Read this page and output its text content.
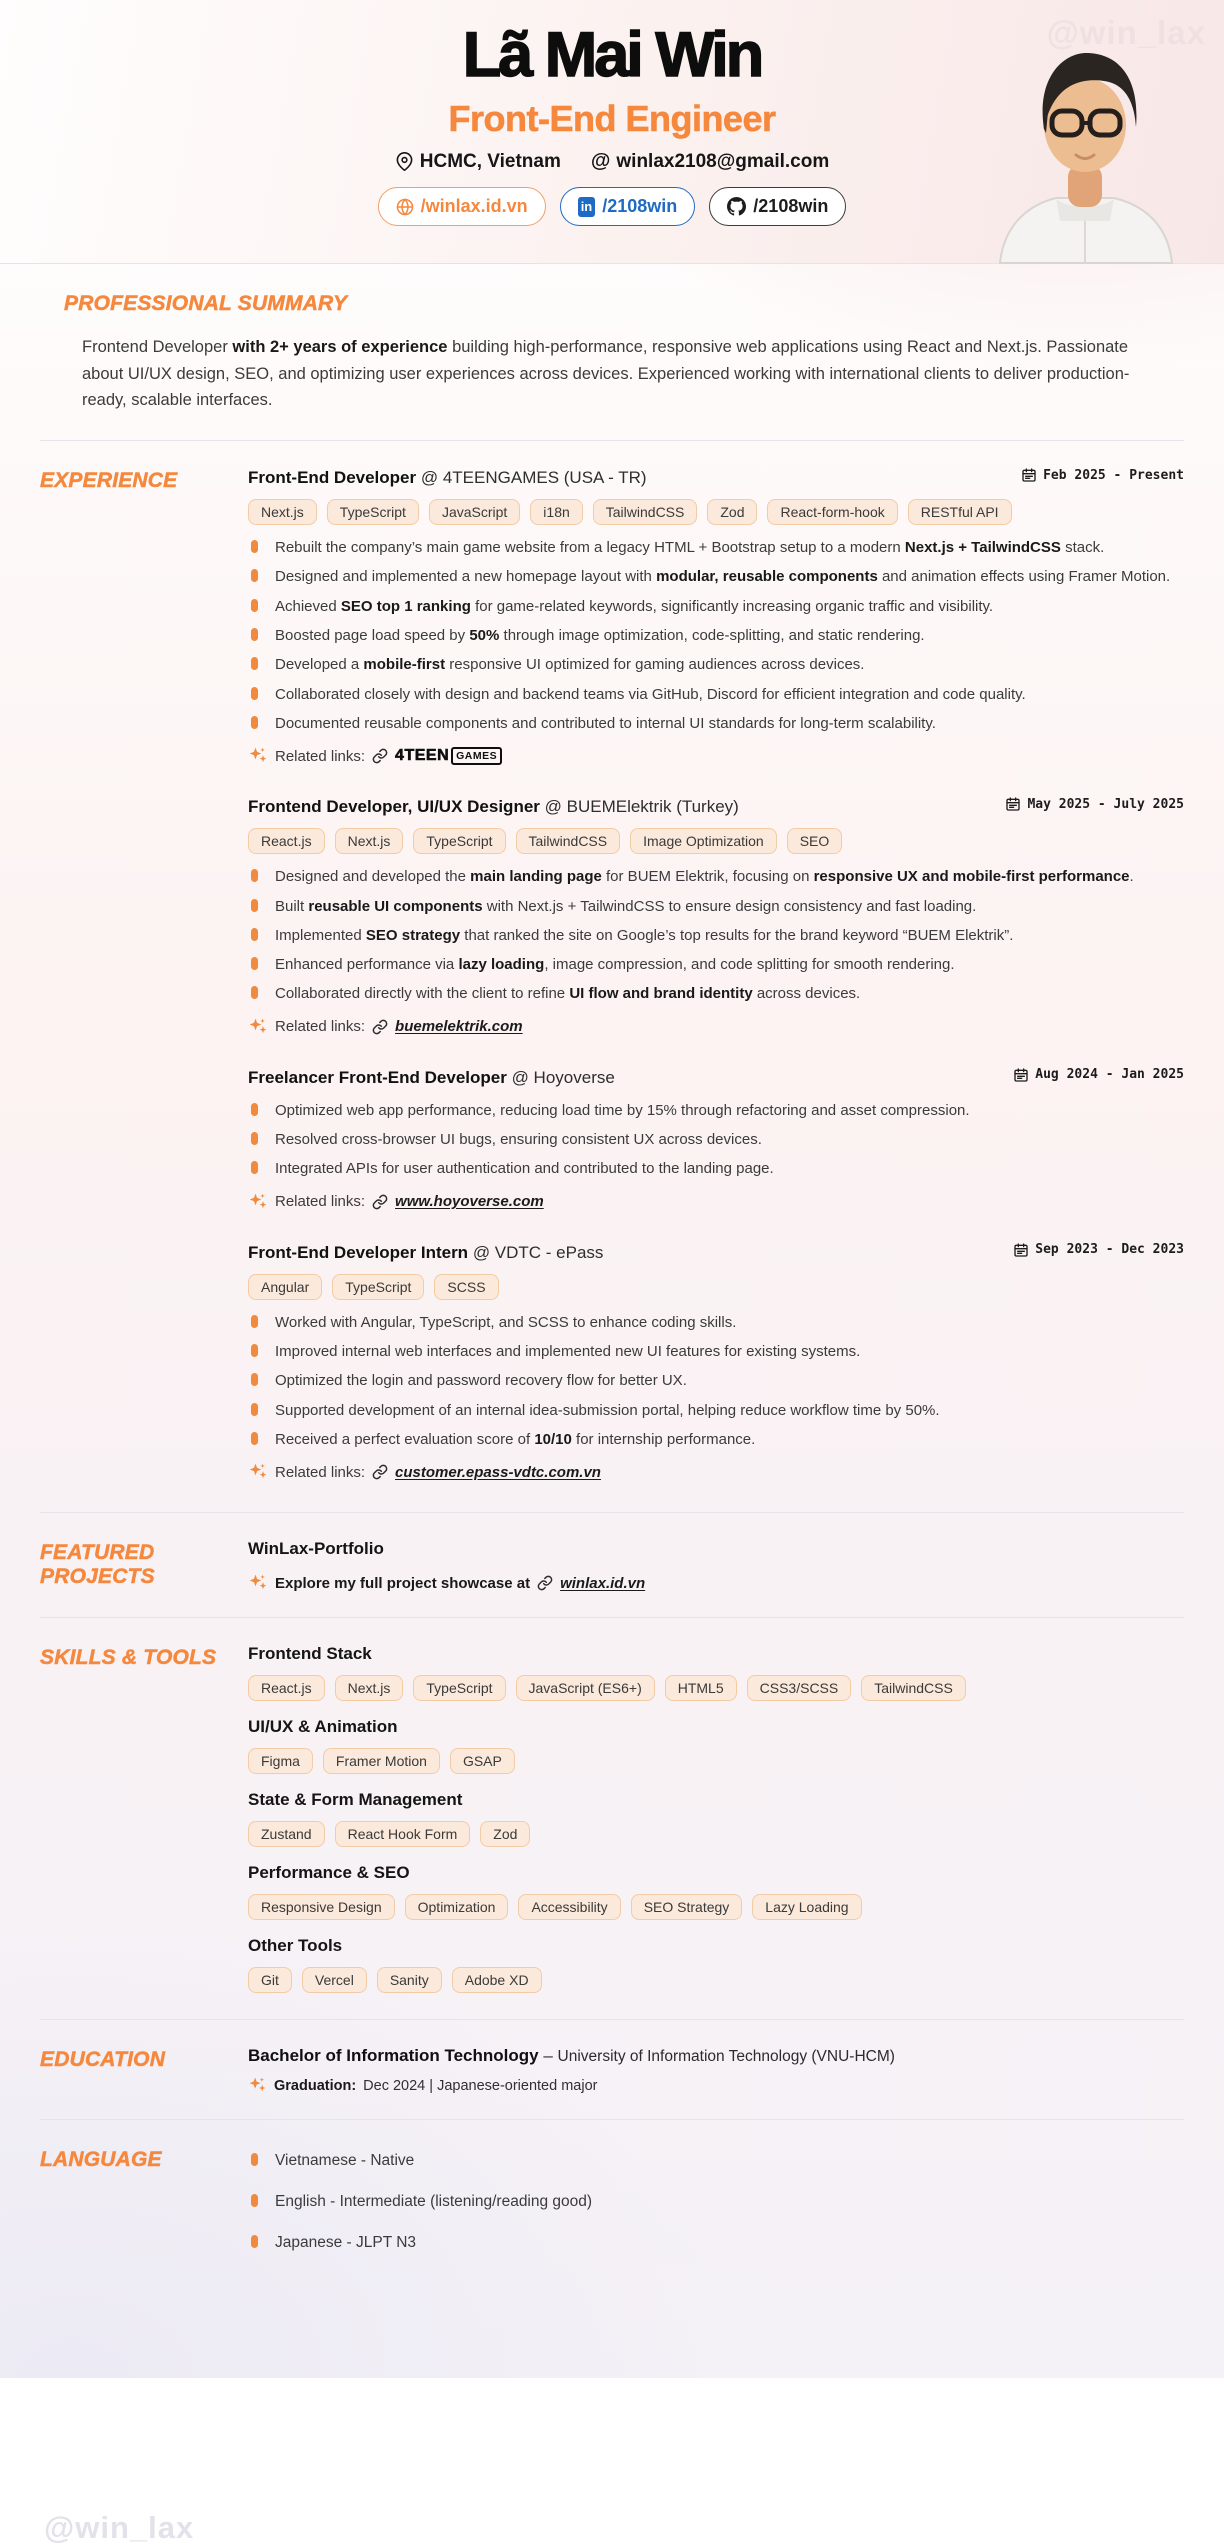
@win_lax
Lã Mai Win
Front-End Engineer
HCMC, Vietnam @ winlax2108@gmail.com
/winlax.id.vn	in /2108win	/2108win
@win_lax
PROFESSIONAL SUMMARY
Frontend Developer with 2+ years of experience building high-performance, responsive web applications using React and Next.js. Passionate about UI/UX design, SEO, and optimizing user experiences across devices. Experienced working with international clients to deliver production-ready, scalable interfaces.
EXPERIENCE	Front-End Developer @ 4TEENGAMES (USA - TR)	Feb 2025 - Present
Next.js	TypeScript	JavaScript	i18n	TailwindCSS	Zod	React-form-hook	RESTful API
Rebuilt the company’s main game website from a legacy HTML + Bootstrap setup to a modern Next.js + TailwindCSS stack.
Designed and implemented a new homepage layout with modular, reusable components and animation effects using Framer Motion.
Achieved SEO top 1 ranking for game-related keywords, significantly increasing organic traffic and visibility.
Boosted page load speed by 50% through image optimization, code-splitting, and static rendering.
Developed a mobile-first responsive UI optimized for gaming audiences across devices.
Collaborated closely with design and backend teams via GitHub, Discord for efficient integration and code quality.
Documented reusable components and contributed to internal UI standards for long-term scalability.
Related links: 4TEEN GAMES
Frontend Developer, UI/UX Designer @ BUEMElektrik (Turkey)	May 2025 - July 2025
React.js	Next.js	TypeScript	TailwindCSS	Image Optimization	SEO
Designed and developed the main landing page for BUEM Elektrik, focusing on responsive UX and mobile-first performance.
Built reusable UI components with Next.js + TailwindCSS to ensure design consistency and fast loading.
Implemented SEO strategy that ranked the site on Google’s top results for the brand keyword “BUEM Elektrik”.
Enhanced performance via lazy loading, image compression, and code splitting for smooth rendering.
Collaborated directly with the client to refine UI flow and brand identity across devices.
Related links: buemelektrik.com
Freelancer Front-End Developer @ Hoyoverse	Aug 2024 - Jan 2025
Optimized web app performance, reducing load time by 15% through refactoring and asset compression.
Resolved cross-browser UI bugs, ensuring consistent UX across devices.
Integrated APIs for user authentication and contributed to the landing page.
Related links: www.hoyoverse.com
Front-End Developer Intern @ VDTC - ePass	Sep 2023 - Dec 2023
Angular	TypeScript	SCSS
Worked with Angular, TypeScript, and SCSS to enhance coding skills.
Improved internal web interfaces and implemented new UI features for existing systems.
Optimized the login and password recovery flow for better UX.
Supported development of an internal idea-submission portal, helping reduce workflow time by 50%.
Received a perfect evaluation score of 10/10 for internship performance.
Related links: customer.epass-vdtc.com.vn
FEATURED PROJECTS
WinLax-Portfolio
Explore my full project showcase at winlax.id.vn
SKILLS & TOOLS	Frontend Stack
React.js	Next.js	TypeScript	JavaScript (ES6+)	HTML5	CSS3/SCSS	TailwindCSS
UI/UX & Animation
Figma	Framer Motion	GSAP
State & Form Management
Zustand	React Hook Form	Zod
Performance & SEO
Responsive Design	Optimization	Accessibility	SEO Strategy	Lazy Loading
Other Tools
Git	Vercel	Sanity	Adobe XD
EDUCATION	Bachelor of Information Technology – University of Information Technology (VNU-HCM)
Graduation: Dec 2024 | Japanese-oriented major
LANGUAGE	Vietnamese - Native
English - Intermediate (listening/reading good)
Japanese - JLPT N3
